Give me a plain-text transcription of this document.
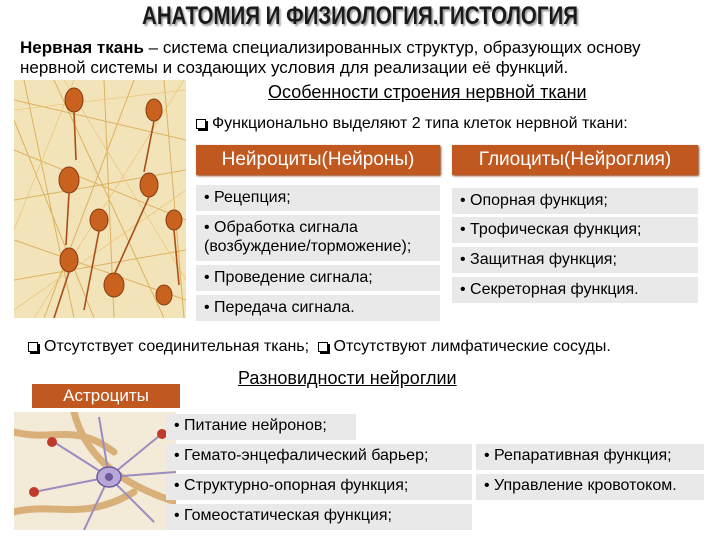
АНАТОМИЯ И ФИЗИОЛОГИЯ.ГИСТОЛОГИЯ
Нервная ткань – система специализированных структур, образующих основу нервной системы и создающих условия для реализации её функций.
Особенности строения нервной ткани
Функционально выделяют 2 типа клеток нервной ткани:
Нейроциты(Нейроны)
• Рецепция;
• Обработка сигнала (возбуждение/торможение);
• Проведение сигнала;
• Передача сигнала.
Глиоциты(Нейроглия)
• Опорная функция;
• Трофическая функция;
• Защитная функция;
• Секреторная функция.
Отсутствует соединительная ткань; Отсутствуют лимфатические сосуды.
Астроциты
Разновидности нейроглии
• Питание нейронов;
• Гемато-энцефалический барьер;
• Структурно-опорная функция;
• Гомеостатическая функция;
• Репаративная функция;
• Управление кровотоком.
